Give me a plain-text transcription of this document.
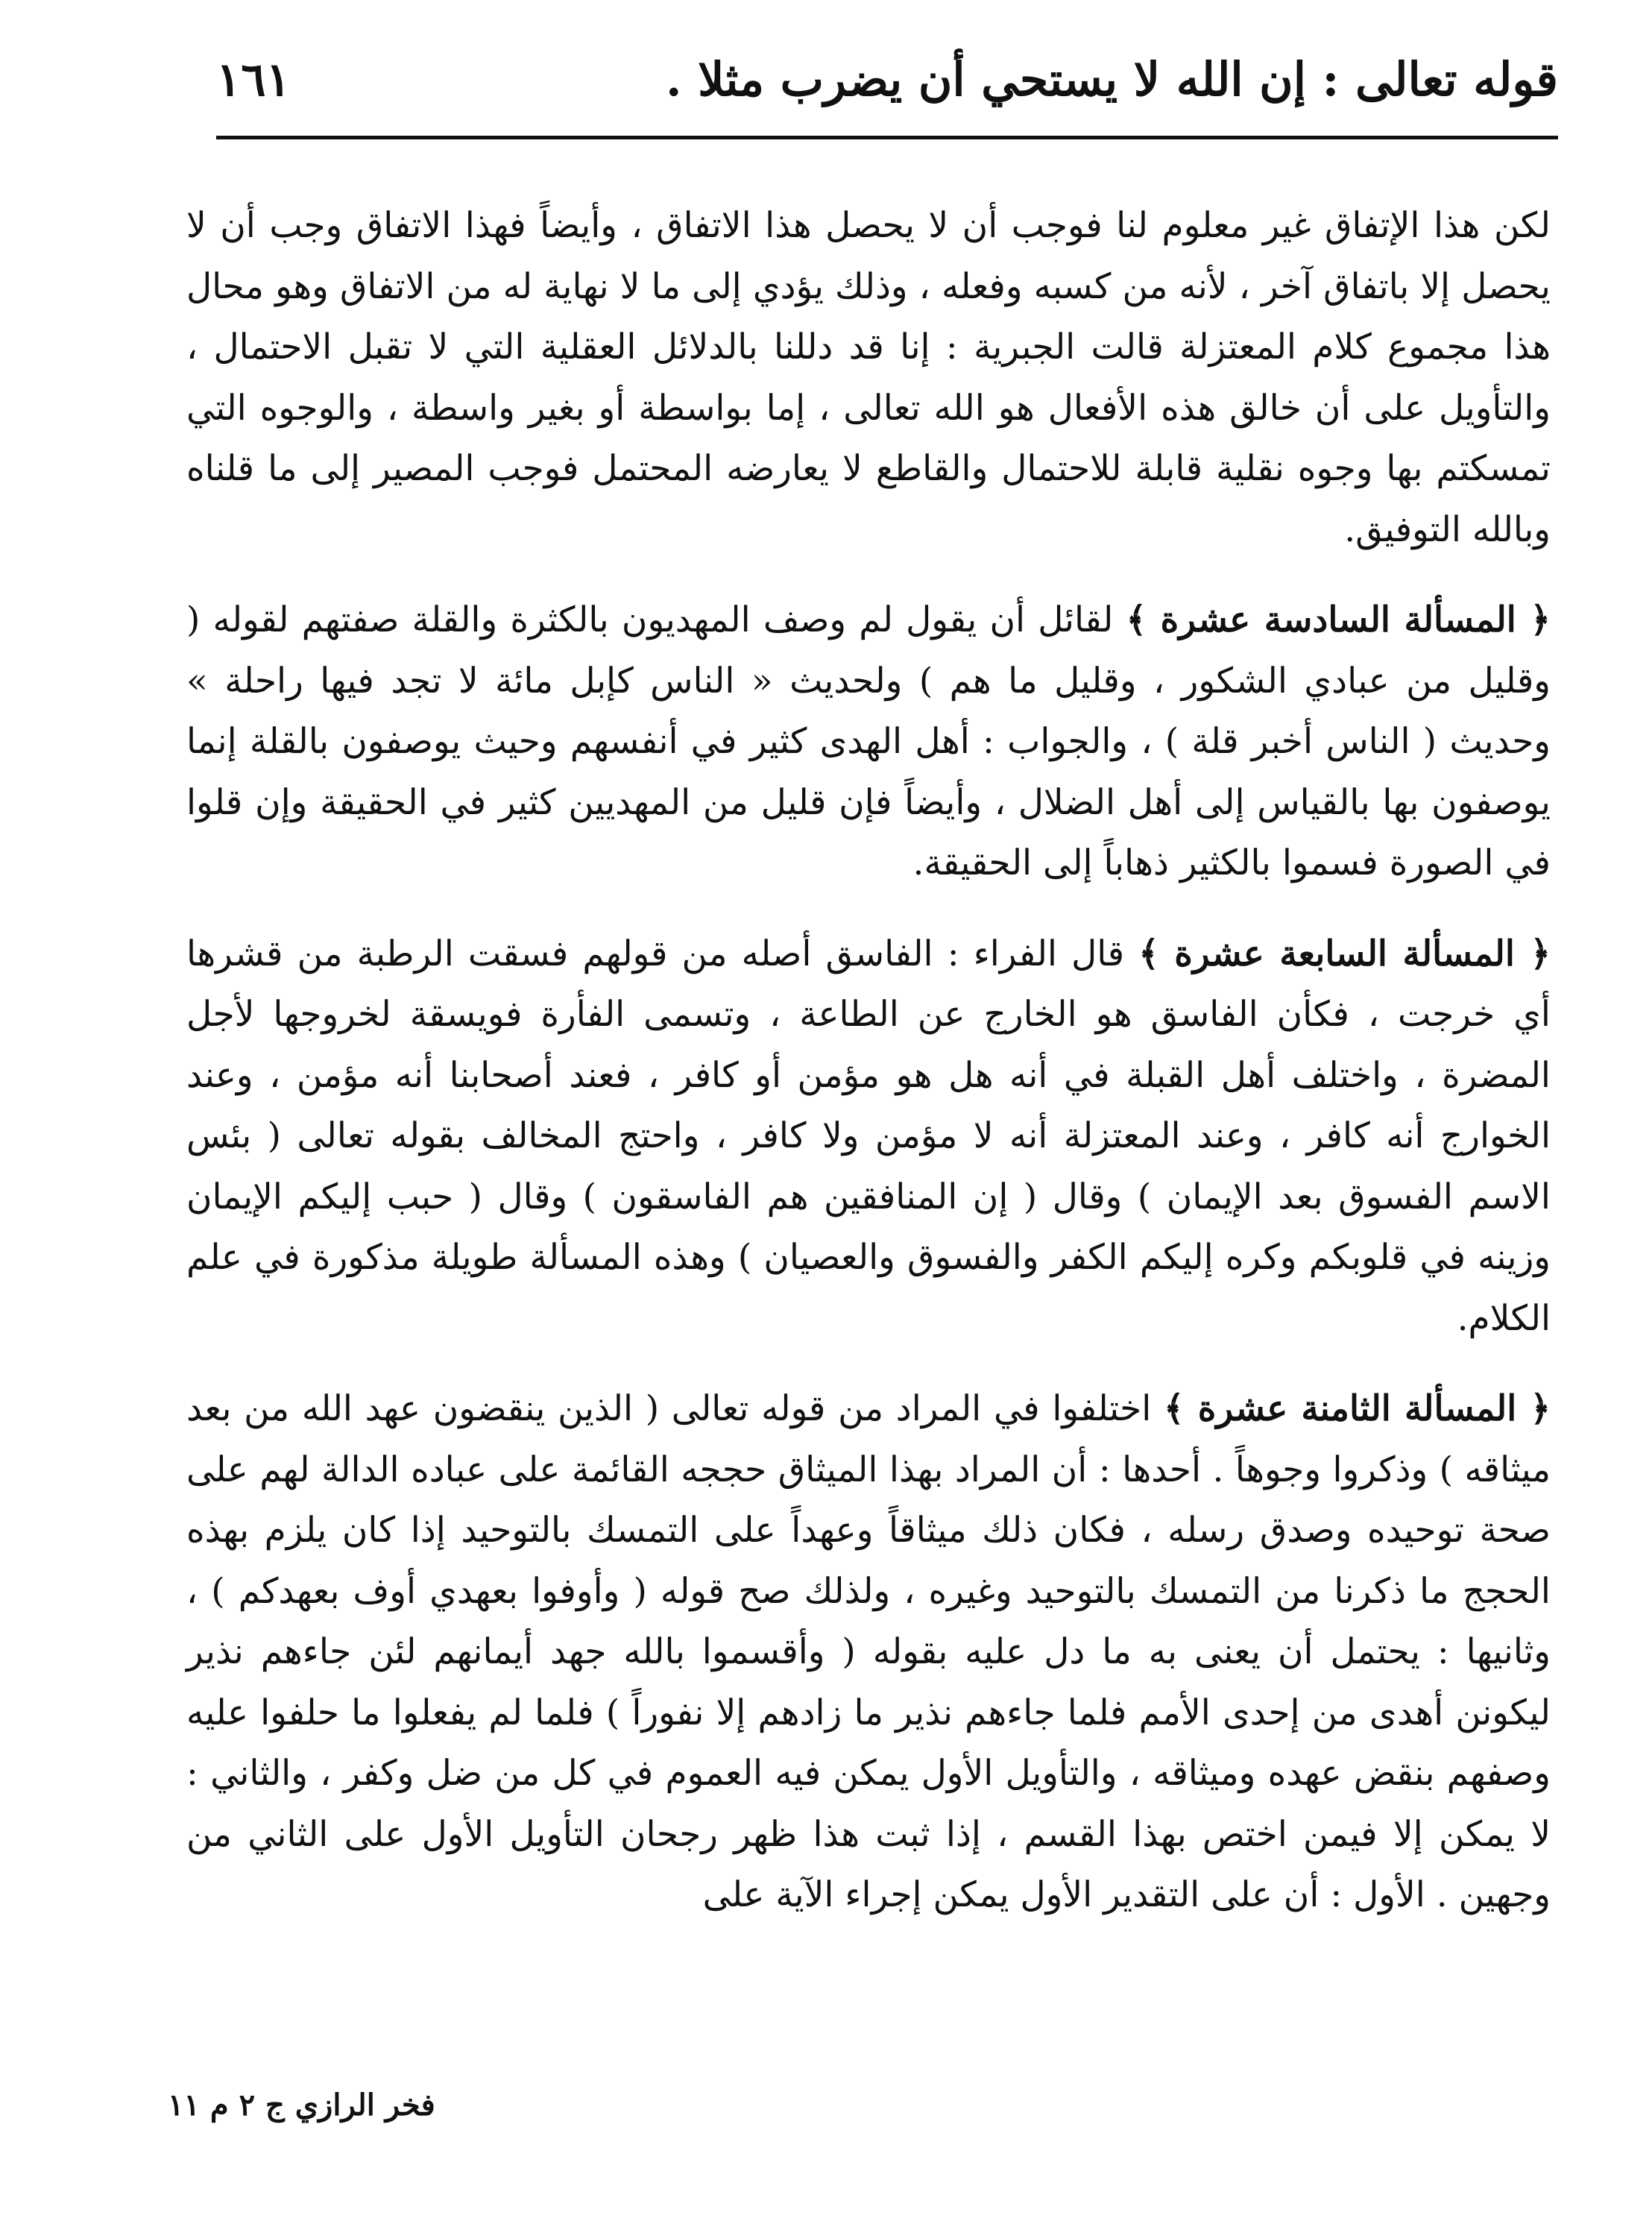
قوله تعالى : إن الله لا يستحي أن يضرب مثلا .
١٦١

لكن هذا الإتفاق غير معلوم لنا فوجب أن لا يحصل هذا الاتفاق ، وأيضاً فهذا الاتفاق وجب أن لا يحصل إلا باتفاق آخر ، لأنه من كسبه وفعله ، وذلك يؤدي إلى ما لا نهاية له من الاتفاق وهو محال هذا مجموع كلام المعتزلة قالت الجبرية : إنا قد دللنا بالدلائل العقلية التي لا تقبل الاحتمال ، والتأويل على أن خالق هذه الأفعال هو الله تعالى ، إما بواسطة أو بغير واسطة ، والوجوه التي تمسكتم بها وجوه نقلية قابلة للاحتمال والقاطع لا يعارضه المحتمل فوجب المصير إلى ما قلناه وبالله التوفيق.

﴿ المسألة السادسة عشرة ﴾ لقائل أن يقول لم وصف المهديون بالكثرة والقلة صفتهم لقوله ( وقليل من عبادي الشكور ، وقليل ما هم ) ولحديث « الناس كإبل مائة لا تجد فيها راحلة » وحديث ( الناس أخبر قلة ) ، والجواب : أهل الهدى كثير في أنفسهم وحيث يوصفون بالقلة إنما يوصفون بها بالقياس إلى أهل الضلال ، وأيضاً فإن قليل من المهديين كثير في الحقيقة وإن قلوا في الصورة فسموا بالكثير ذهاباً إلى الحقيقة.

﴿ المسألة السابعة عشرة ﴾ قال الفراء : الفاسق أصله من قولهم فسقت الرطبة من قشرها أي خرجت ، فكأن الفاسق هو الخارج عن الطاعة ، وتسمى الفأرة فويسقة لخروجها لأجل المضرة ، واختلف أهل القبلة في أنه هل هو مؤمن أو كافر ، فعند أصحابنا أنه مؤمن ، وعند الخوارج أنه كافر ، وعند المعتزلة أنه لا مؤمن ولا كافر ، واحتج المخالف بقوله تعالى ( بئس الاسم الفسوق بعد الإيمان ) وقال ( إن المنافقين هم الفاسقون ) وقال ( حبب إليكم الإيمان وزينه في قلوبكم وكره إليكم الكفر والفسوق والعصيان ) وهذه المسألة طويلة مذكورة في علم الكلام.

﴿ المسألة الثامنة عشرة ﴾ اختلفوا في المراد من قوله تعالى ( الذين ينقضون عهد الله من بعد ميثاقه ) وذكروا وجوهاً . أحدها : أن المراد بهذا الميثاق حججه القائمة على عباده الدالة لهم على صحة توحيده وصدق رسله ، فكان ذلك ميثاقاً وعهداً على التمسك بالتوحيد إذا كان يلزم بهذه الحجج ما ذكرنا من التمسك بالتوحيد وغيره ، ولذلك صح قوله ( وأوفوا بعهدي أوف بعهدكم ) ، وثانيها : يحتمل أن يعنى به ما دل عليه بقوله ( وأقسموا بالله جهد أيمانهم لئن جاءهم نذير ليكونن أهدى من إحدى الأمم فلما جاءهم نذير ما زادهم إلا نفوراً ) فلما لم يفعلوا ما حلفوا عليه وصفهم بنقض عهده وميثاقه ، والتأويل الأول يمكن فيه العموم في كل من ضل وكفر ، والثاني : لا يمكن إلا فيمن اختص بهذا القسم ، إذا ثبت هذا ظهر رجحان التأويل الأول على الثاني من وجهين . الأول : أن على التقدير الأول يمكن إجراء الآية على

فخر الرازي ج ٢ م ١١
